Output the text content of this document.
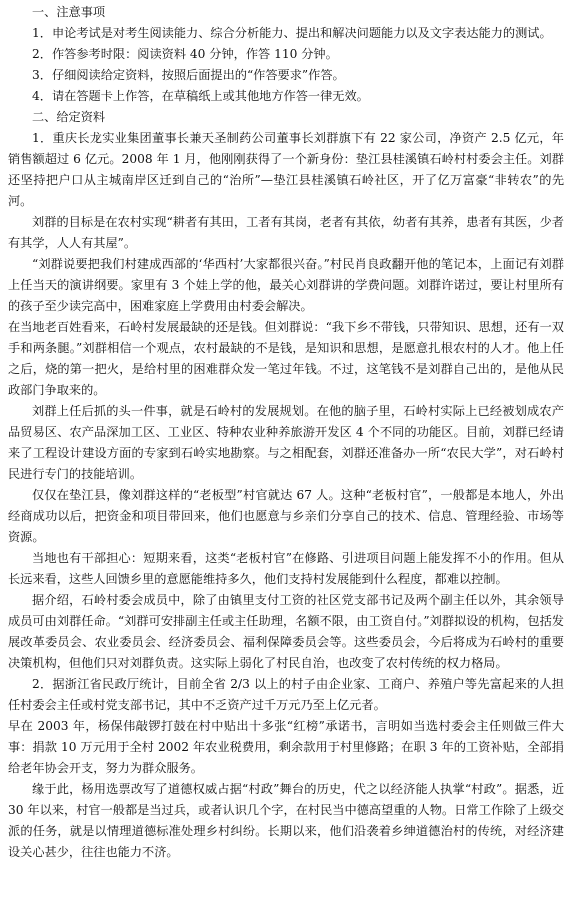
一、注意事项
1．申论考试是对考生阅读能力、综合分析能力、提出和解决问题能力以及文字表达能力的测试。
2．作答参考时限：阅读资料 40 分钟，作答 110 分钟。
3．仔细阅读给定资料，按照后面提出的“作答要求”作答。
4．请在答题卡上作答，在草稿纸上或其他地方作答一律无效。
二、给定资料
1．重庆长龙实业集团董事长兼天圣制药公司董事长刘群旗下有 22 家公司，净资产 2.5 亿元，年销售额超过 6 亿元。2008 年 1 月，他刚刚获得了一个新身份：垫江县桂溪镇石岭村村委会主任。刘群还坚持把户口从主城南岸区迁到自己的“治所”—垫江县桂溪镇石岭社区，开了亿万富豪“非转农”的先河。
刘群的目标是在农村实现“耕者有其田，工者有其岗，老者有其依，幼者有其养，患者有其医，少者有其学，人人有其屋”。
“刘群说要把我们村建成西部的‘华西村’大家都很兴奋。”村民肖良政翻开他的笔记本，上面记有刘群上任当天的演讲纲要。家里有 3 个娃上学的他，最关心刘群讲的学费问题。刘群许诺过，要让村里所有的孩子至少读完高中，困难家庭上学费用由村委会解决。
在当地老百姓看来，石岭村发展最缺的还是钱。但刘群说：“我下乡不带钱，只带知识、思想，还有一双手和两条腿。”刘群相信一个观点，农村最缺的不是钱，是知识和思想，是愿意扎根农村的人才。他上任之后，烧的第一把火，是给村里的困难群众发一笔过年钱。不过，这笔钱不是刘群自己出的，是他从民政部门争取来的。
刘群上任后抓的头一件事，就是石岭村的发展规划。在他的脑子里，石岭村实际上已经被划成农产品贸易区、农产品深加工区、工业区、特种农业种养旅游开发区 4 个不同的功能区。目前，刘群已经请来了工程设计建设方面的专家到石岭实地勘察。与之相配套，刘群还准备办一所“农民大学”，对石岭村民进行专门的技能培训。
仅仅在垫江县，像刘群这样的“老板型”村官就达 67 人。这种“老板村官”，一般都是本地人，外出经商成功以后，把资金和项目带回来，他们也愿意与乡亲们分享自己的技术、信息、管理经验、市场等资源。
当地也有干部担心：短期来看，这类“老板村官”在修路、引进项目问题上能发挥不小的作用。但从长远来看，这些人回馈乡里的意愿能维持多久，他们支持村发展能到什么程度，都难以控制。
据介绍，石岭村委会成员中，除了由镇里支付工资的社区党支部书记及两个副主任以外，其余领导成员可由刘群任命。“刘群可安排副主任或主任助理，名额不限，由工资自付。”刘群拟设的机构，包括发展改革委员会、农业委员会、经济委员会、福利保障委员会等。这些委员会，今后将成为石岭村的重要决策机构，但他们只对刘群负责。这实际上弱化了村民自治，也改变了农村传统的权力格局。
2．据浙江省民政厅统计，目前全省 2/3 以上的村子由企业家、工商户、养殖户等先富起来的人担任村委会主任或村党支部书记，其中不乏资产过千万元乃至上亿元者。
早在 2003 年，杨保伟敲锣打鼓在村中贴出十多张“红榜”承诺书，言明如当选村委会主任则做三件大事：捐款 10 万元用于全村 2002 年农业税费用，剩余款用于村里修路；在职 3 年的工资补贴，全部捐给老年协会开支，努力为群众服务。
缘于此，杨用选票改写了道德权威占据“村政”舞台的历史，代之以经济能人执掌“村政”。据悉，近 30 年以来，村官一般都是当过兵，或者认识几个字，在村民当中德高望重的人物。日常工作除了上级交派的任务，就是以情理道德标准处理乡村纠纷。长期以来，他们沿袭着乡绅道德治村的传统，对经济建设关心甚少，往往也能力不济。
